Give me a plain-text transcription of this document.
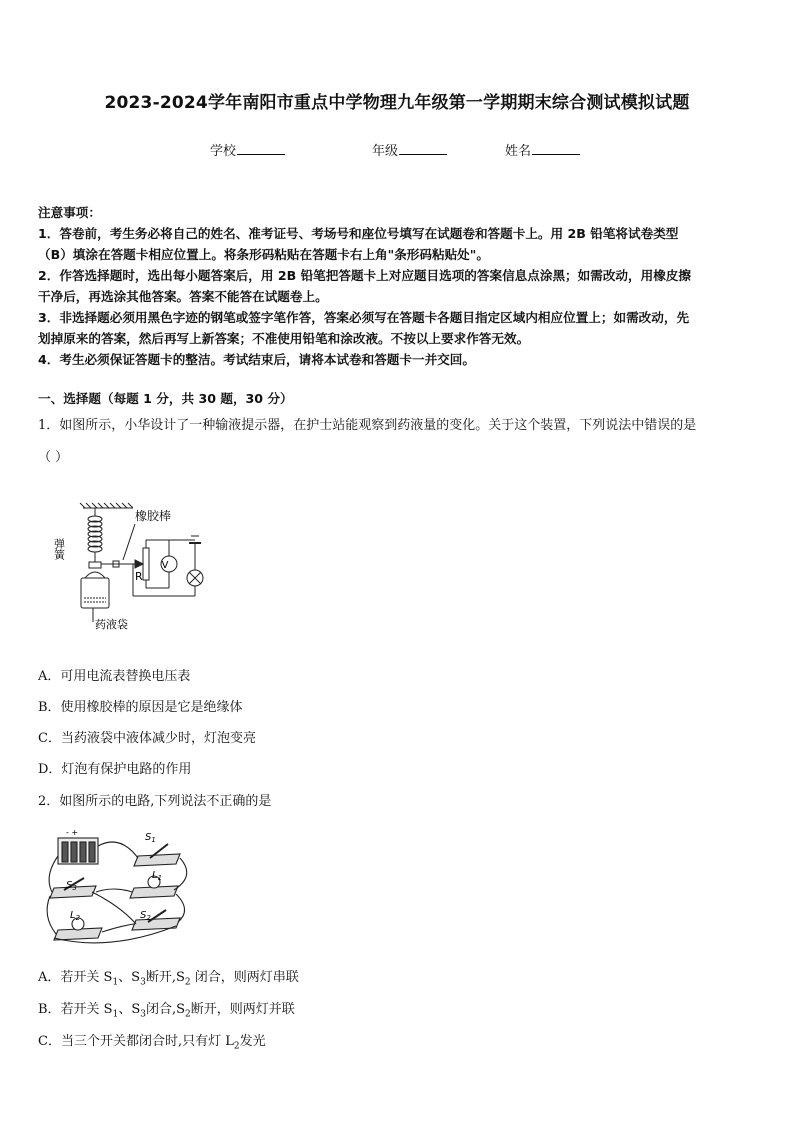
2023-2024学年南阳市重点中学物理九年级第一学期期末综合测试模拟试题
学校	年级	姓名
注意事项：
1．答卷前，考生务必将自己的姓名、准考证号、考场号和座位号填写在试题卷和答题卡上。用 2B 铅笔将试卷类型
（B）填涂在答题卡相应位置上。将条形码粘贴在答题卡右上角"条形码粘贴处"。
2．作答选择题时，选出每小题答案后，用 2B 铅笔把答题卡上对应题目选项的答案信息点涂黑；如需改动，用橡皮擦
干净后，再选涂其他答案。答案不能答在试题卷上。
3．非选择题必须用黑色字迹的钢笔或签字笔作答，答案必须写在答题卡各题目指定区域内相应位置上；如需改动，先
划掉原来的答案，然后再写上新答案；不准使用铅笔和涂改液。不按以上要求作答无效。
4．考生必须保证答题卡的整洁。考试结束后，请将本试卷和答题卡一并交回。
一、选择题（每题 1 分，共 30 题，30 分）
1．如图所示，小华设计了一种输液提示器，在护士站能观察到药液量的变化。关于这个装置，下列说法中错误的是
（ ）
V
R
橡胶棒
弹簧
药液袋
A．可用电流表替换电压表
B．使用橡胶棒的原因是它是绝缘体
C．当药液袋中液体减少时，灯泡变亮
D．灯泡有保护电路的作用
2．如图所示的电路,下列说法不正确的是
- +	$S_1$
$L_1$
$S_3$
$S_2$
$L_2$
A．若开关 $S_1$、$S_3$断开$,S_2$ 闭合，则两灯串联
B．若开关 $S_1$、$S_3$闭合$,S_2$断开，则两灯并联
C．当三个开关都闭合时,只有灯 $L_2$发光
